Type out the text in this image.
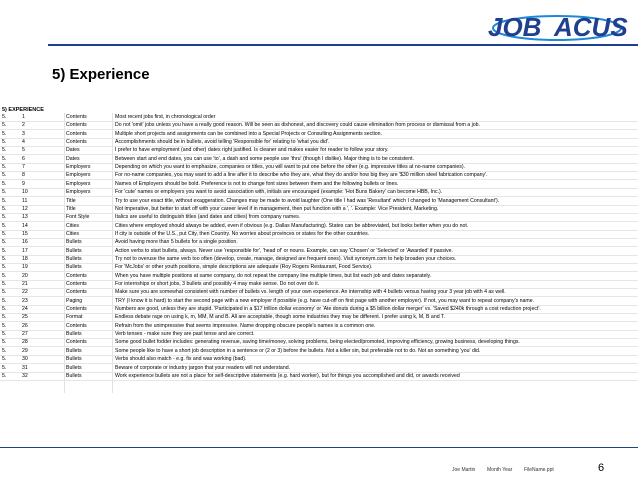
JOB ACUS
5) Experience
5) EXPERIENCE
5.	1	Contents	Most recent jobs first, in chronological order
5.	2	Contents	Do not 'omit' jobs unless you have a really good reason. Will be seen as dishonest, and discovery could cause elimination from process or dismissal from a job.
5.	3	Contents	Multiple short projects and assignments can be combined into a Special Projects or Consulting Assignments section.
5.	4	Contents	Accomplishments should be in bullets, avoid telling 'Responsible for' relating to 'what you did'.
5.	5	Dates	I prefer to have employment (and other) dates right justified. Is cleaner and makes easier for reader to follow your story.
5.	6	Dates	Between start and end dates, you can use 'to', a dash and some people use 'thru' (though I dislike). Major thing is to be consistent.
5.	7	Employers	Depending on which you want to emphasize, companies or titles, you will want to put one before the other (e.g. impressive titles at no-name companies).
5.	8	Employers	For no-name companies, you may want to add a line after it to describe who they are, what they do and/or how big they are '$30 million steel fabrication company'.
5.	9	Employers	Names of Employers should be bold. Preference is not to change font sizes between them and the following bullets or lines.
5.	10	Employers	For 'cute' names or employers you want to avoid association with, initials are encouraged (example: 'Hot Buns Bakery' can become HBB, Inc.).
5.	11	Title	Try to use your exact title, without exaggeration. Changes may be made to avoid laughter (One title I had was 'Resultant' which I changed to 'Management Consultant').
5.	12	Title	Not imperative, but better to start off with your career level if in management, then put function with a ', '. Example: Vice President, Marketing.
5.	13	Font Style	Italics are useful to distinguish titles (and dates and cities) from company names.
5.	14	Cities	Cities where employed should always be added, even if obvious (e.g. Dallas Manufacturing). States can be abbreviated, but looks better when you do not.
5.	15	Cities	If city is outside of the U.S., put City, then Country. No worries about provinces or states for the other countries.
5.	16	Bullets	Avoid having more than 5 bullets for a single position.
5.	17	Bullets	Action verbs to start bullets, always. Never use 'responsible for', 'head of' or nouns. Example, can say 'Chosen' or 'Selected' or 'Awarded' if passive.
5.	18	Bullets	Try not to overuse the same verb too often (develop, create, manage, designed are frequent ones). Visit synonym.com to help broaden your choices.
5.	19	Bullets	For 'McJobs' or other youth positions, simple descriptions are adequate (Roy Rogers Restaurant, Food Service).
5.	20	Contents	When you have multiple positions at same company, do not repeat the company line multiple times, but list each job and dates separately.
5.	21	Contents	For internships or short jobs, 3 bullets and possibly 4 may make sense. Do not over do it.
5.	22	Contents	Make sure you are somewhat consistent with number of bullets vs. length of your own experience. An internship with 4 bullets versus having your 3 year job with 4 as well.
5.	23	Paging	TRY (I know it is hard) to start the second page with a new employer if possible (e.g. have cut-off on first page with another employer). If not, you may want to repeat company's name.
5.	24	Contents	Numbers are good, unless they are stupid. 'Participated in a $17 trillion dollar economy' or 'Ate donuts during a $5 billion dollar merger' vs. 'Saved $240k through a cost reduction project'.
5.	25	Format	Endless debate rage on using k, m, MM, M and B. All are acceptable, though some industries they may be different. I prefer using k, M, B and T.
5.	26	Contents	Refrain from the unimpressive that seems impressive. Name dropping obscure people's names is a common one.
5.	27	Bullets	Verb tenses - make sure they are past tense and are correct.
5.	28	Contents	Some good bullet fodder includes: generating revenue, saving time/money, solving problems, being elected/promoted, improving efficiency, growing business, developing things.
5.	29	Bullets	Some people like to have a short job description in a sentence or (2 or 3) before the bullets. Not a killer sin, but preferable not to do. Not an something 'you' did.
5.	30	Bullets	Verbs should also match - e.g. fix and was working (bad).
5.	31	Bullets	Beware of corporate or industry jargon that your readers will not understand.
5.	32	Bullets	Work experience bullets are not a place for self-descriptive statements (e.g. hard worker), but for things you accomplished and did, or awards received
Joe Martin Month Year FileName.ppt	6
